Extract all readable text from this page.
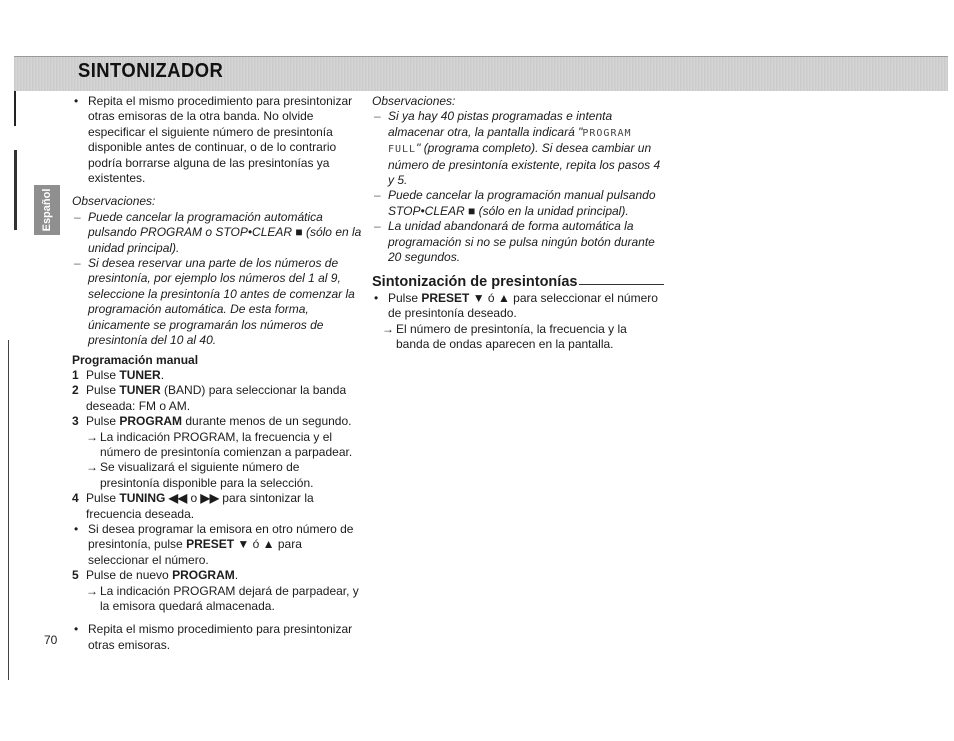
SINTONIZADOR
Español
• Repita el mismo procedimiento para presintonizar otras emisoras de la otra banda. No olvide especificar el siguiente número de presintonía disponible antes de continuar, o de lo contrario podría borrarse alguna de las presintonías ya existentes.

Observaciones:

– Puede cancelar la programación automática pulsando PROGRAM o STOP•CLEAR ■ (sólo en la unidad principal).

– Si desea reservar una parte de los números de presintonía, por ejemplo los números del 1 al 9, seleccione la presintonía 10 antes de comenzar la programación automática. De esta forma, únicamente se programarán los números de presintonía del 10 al 40.

Programación manual

1 Pulse TUNER.
2 Pulse TUNER (BAND) para seleccionar la banda deseada: FM o AM.
3 Pulse PROGRAM durante menos de un segundo.
→ La indicación PROGRAM, la frecuencia y el número de presintonía comienzan a parpadear.

→ Se visualizará el siguiente número de presintonía disponible para la selección.

4 Pulse TUNING ◀◀ o ▶▶ para sintonizar la frecuencia deseada.
• Si desea programar la emisora en otro número de presintonía, pulse PRESET ▼ ó ▲ para seleccionar el número.
5 Pulse de nuevo PROGRAM.
→ La indicación PROGRAM dejará de parpadear, y la emisora quedará almacenada.

• Repita el mismo procedimiento para presintonizar otras emisoras.

Observaciones:

– Si ya hay 40 pistas programadas e intenta almacenar otra, la pantalla indicará "PROGRAM FULL" (programa completo). Si desea cambiar un número de presintonía existente, repita los pasos 4 y 5.

– Puede cancelar la programación manual pulsando STOP•CLEAR ■ (sólo en la unidad principal).

– La unidad abandonará de forma automática la programación si no se pulsa ningún botón durante 20 segundos.

Sintonización de presintonías
• Pulse PRESET ▼ ó ▲ para seleccionar el número de presintonía deseado.
→ El número de presintonía, la frecuencia y la banda de ondas aparecen en la pantalla.

70
